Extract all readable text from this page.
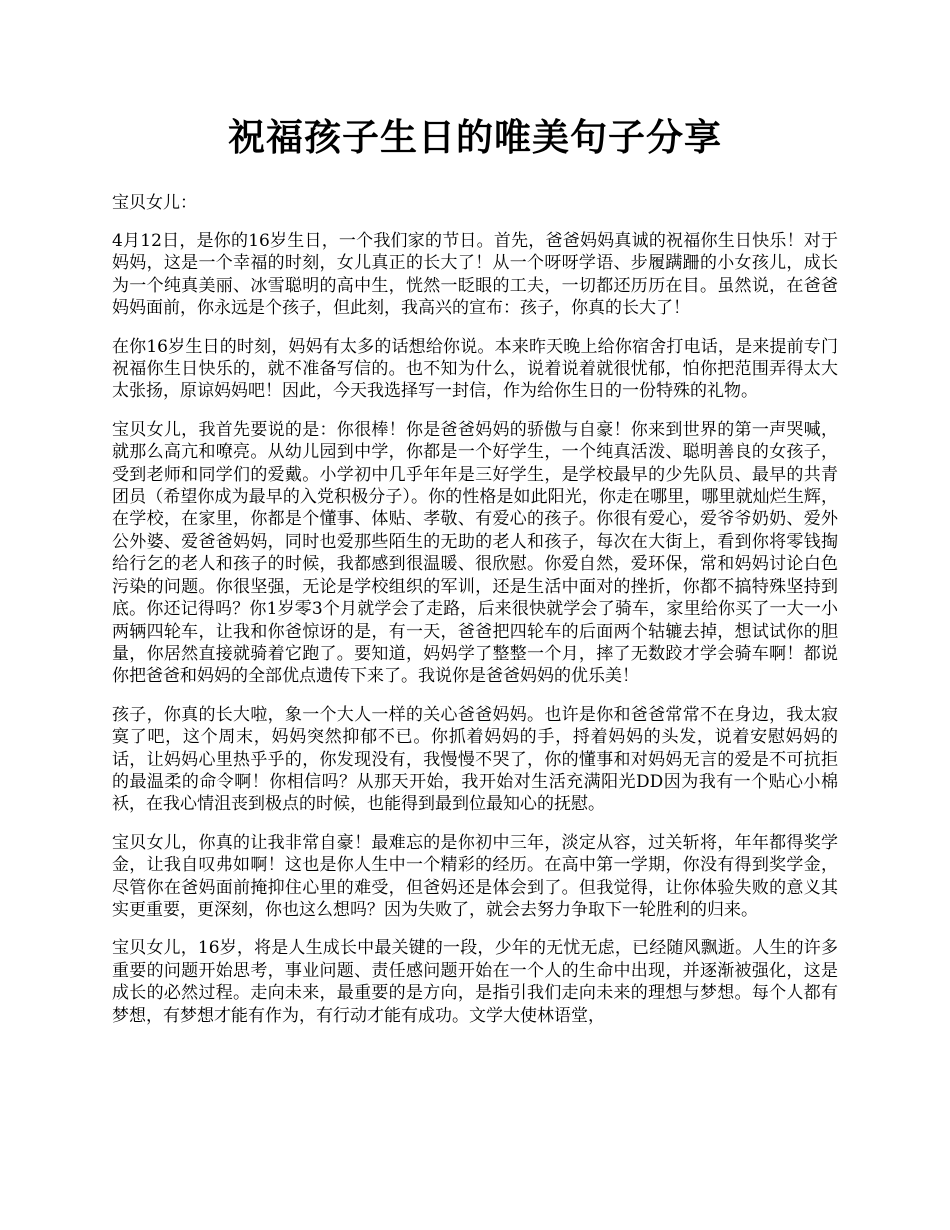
祝福孩子生日的唯美句子分享

宝贝女儿：

4月12日，是你的16岁生日，一个我们家的节日。首先，爸爸妈妈真诚的祝福你生日快乐！对于妈妈，这是一个幸福的时刻，女儿真正的长大了！从一个呀呀学语、步履蹒跚的小女孩儿，成长为一个纯真美丽、冰雪聪明的高中生，恍然一眨眼的工夫，一切都还历历在目。虽然说，在爸爸妈妈面前，你永远是个孩子，但此刻，我高兴的宣布：孩子，你真的长大了！

在你16岁生日的时刻，妈妈有太多的话想给你说。本来昨天晚上给你宿舍打电话，是来提前专门祝福你生日快乐的，就不准备写信的。也不知为什么，说着说着就很忧郁，怕你把范围弄得太大太张扬，原谅妈妈吧！因此，今天我选择写一封信，作为给你生日的一份特殊的礼物。

宝贝女儿，我首先要说的是：你很棒！你是爸爸妈妈的骄傲与自豪！你来到世界的第一声哭喊，就那么高亢和嘹亮。从幼儿园到中学，你都是一个好学生，一个纯真活泼、聪明善良的女孩子，受到老师和同学们的爱戴。小学初中几乎年年是三好学生，是学校最早的少先队员、最早的共青团员（希望你成为最早的入党积极分子）。你的性格是如此阳光，你走在哪里，哪里就灿烂生辉，在学校，在家里，你都是个懂事、体贴、孝敬、有爱心的孩子。你很有爱心，爱爷爷奶奶、爱外公外婆、爱爸爸妈妈，同时也爱那些陌生的无助的老人和孩子，每次在大街上，看到你将零钱掏给行乞的老人和孩子的时候，我都感到很温暖、很欣慰。你爱自然，爱环保，常和妈妈讨论白色污染的问题。你很坚强，无论是学校组织的军训，还是生活中面对的挫折，你都不搞特殊坚持到底。你还记得吗？你1岁零3个月就学会了走路，后来很快就学会了骑车，家里给你买了一大一小两辆四轮车，让我和你爸惊讶的是，有一天，爸爸把四轮车的后面两个轱辘去掉，想试试你的胆量，你居然直接就骑着它跑了。要知道，妈妈学了整整一个月，摔了无数跤才学会骑车啊！都说你把爸爸和妈妈的全部优点遗传下来了。我说你是爸爸妈妈的优乐美！

孩子，你真的长大啦，象一个大人一样的关心爸爸妈妈。也许是你和爸爸常常不在身边，我太寂寞了吧，这个周末，妈妈突然抑郁不已。你抓着妈妈的手，捋着妈妈的头发，说着安慰妈妈的话，让妈妈心里热乎乎的，你发现没有，我慢慢不哭了，你的懂事和对妈妈无言的爱是不可抗拒的最温柔的命令啊！你相信吗？从那天开始，我开始对生活充满阳光DD因为我有一个贴心小棉袄，在我心情沮丧到极点的时候，也能得到最到位最知心的抚慰。

宝贝女儿，你真的让我非常自豪！最难忘的是你初中三年，淡定从容，过关斩将，年年都得奖学金，让我自叹弗如啊！这也是你人生中一个精彩的经历。在高中第一学期，你没有得到奖学金，尽管你在爸妈面前掩抑住心里的难受，但爸妈还是体会到了。但我觉得，让你体验失败的意义其实更重要，更深刻，你也这么想吗？因为失败了，就会去努力争取下一轮胜利的归来。

宝贝女儿，16岁，将是人生成长中最关键的一段，少年的无忧无虑，已经随风飘逝。人生的许多重要的问题开始思考，事业问题、责任感问题开始在一个人的生命中出现，并逐渐被强化，这是成长的必然过程。走向未来，最重要的是方向，是指引我们走向未来的理想与梦想。每个人都有梦想，有梦想才能有作为，有行动才能有成功。文学大使林语堂，
